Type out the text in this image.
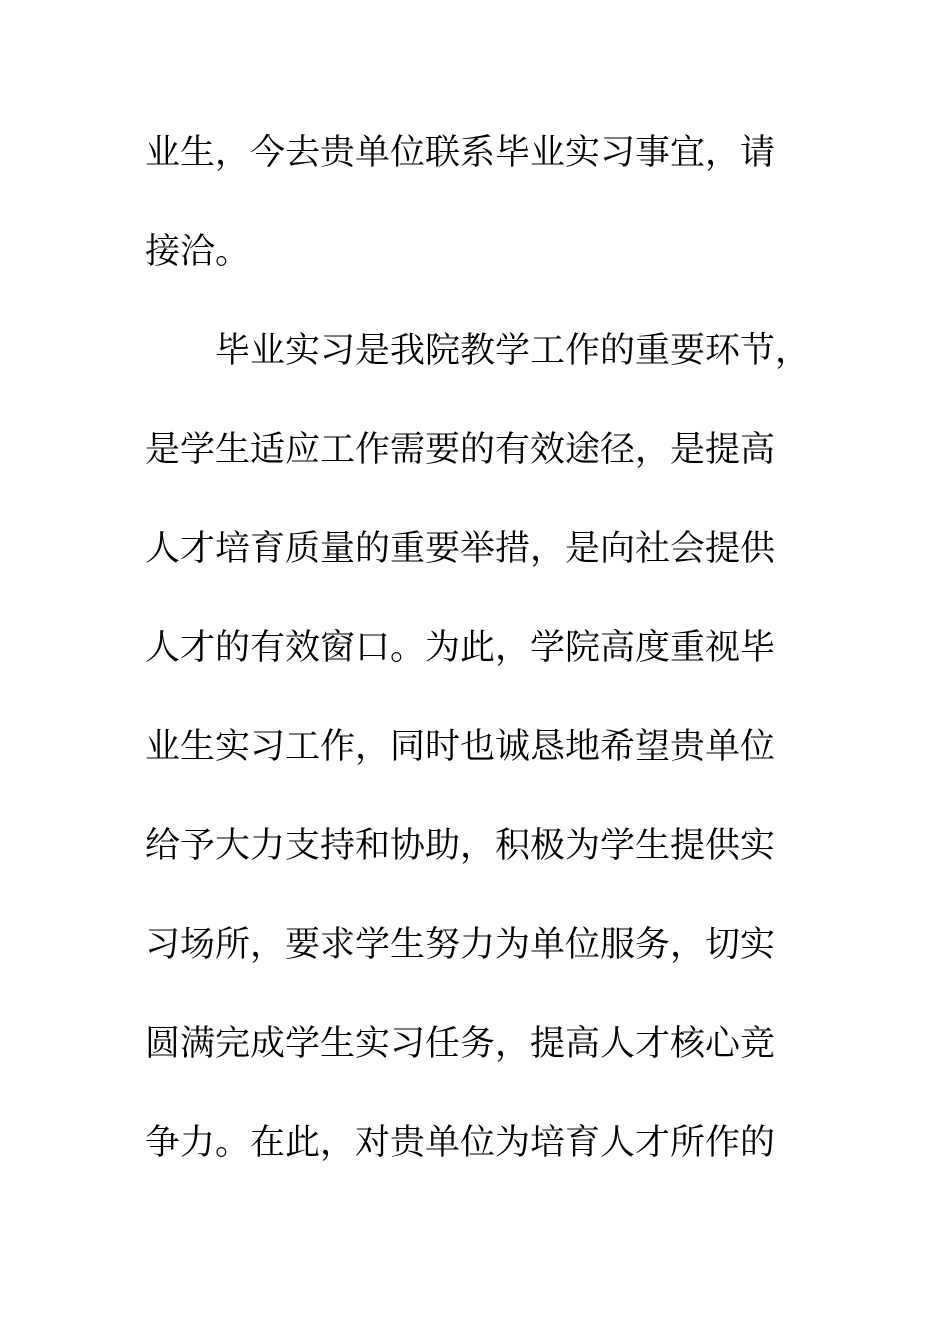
业生，今去贵单位联系毕业实习事宜，请
接洽。
毕业实习是我院教学工作的重要环节，
是学生适应工作需要的有效途径，是提高
人才培育质量的重要举措，是向社会提供
人才的有效窗口。为此，学院高度重视毕
业生实习工作，同时也诚恳地希望贵单位
给予大力支持和协助，积极为学生提供实
习场所，要求学生努力为单位服务，切实
圆满完成学生实习任务，提高人才核心竞
争力。在此，对贵单位为培育人才所作的
